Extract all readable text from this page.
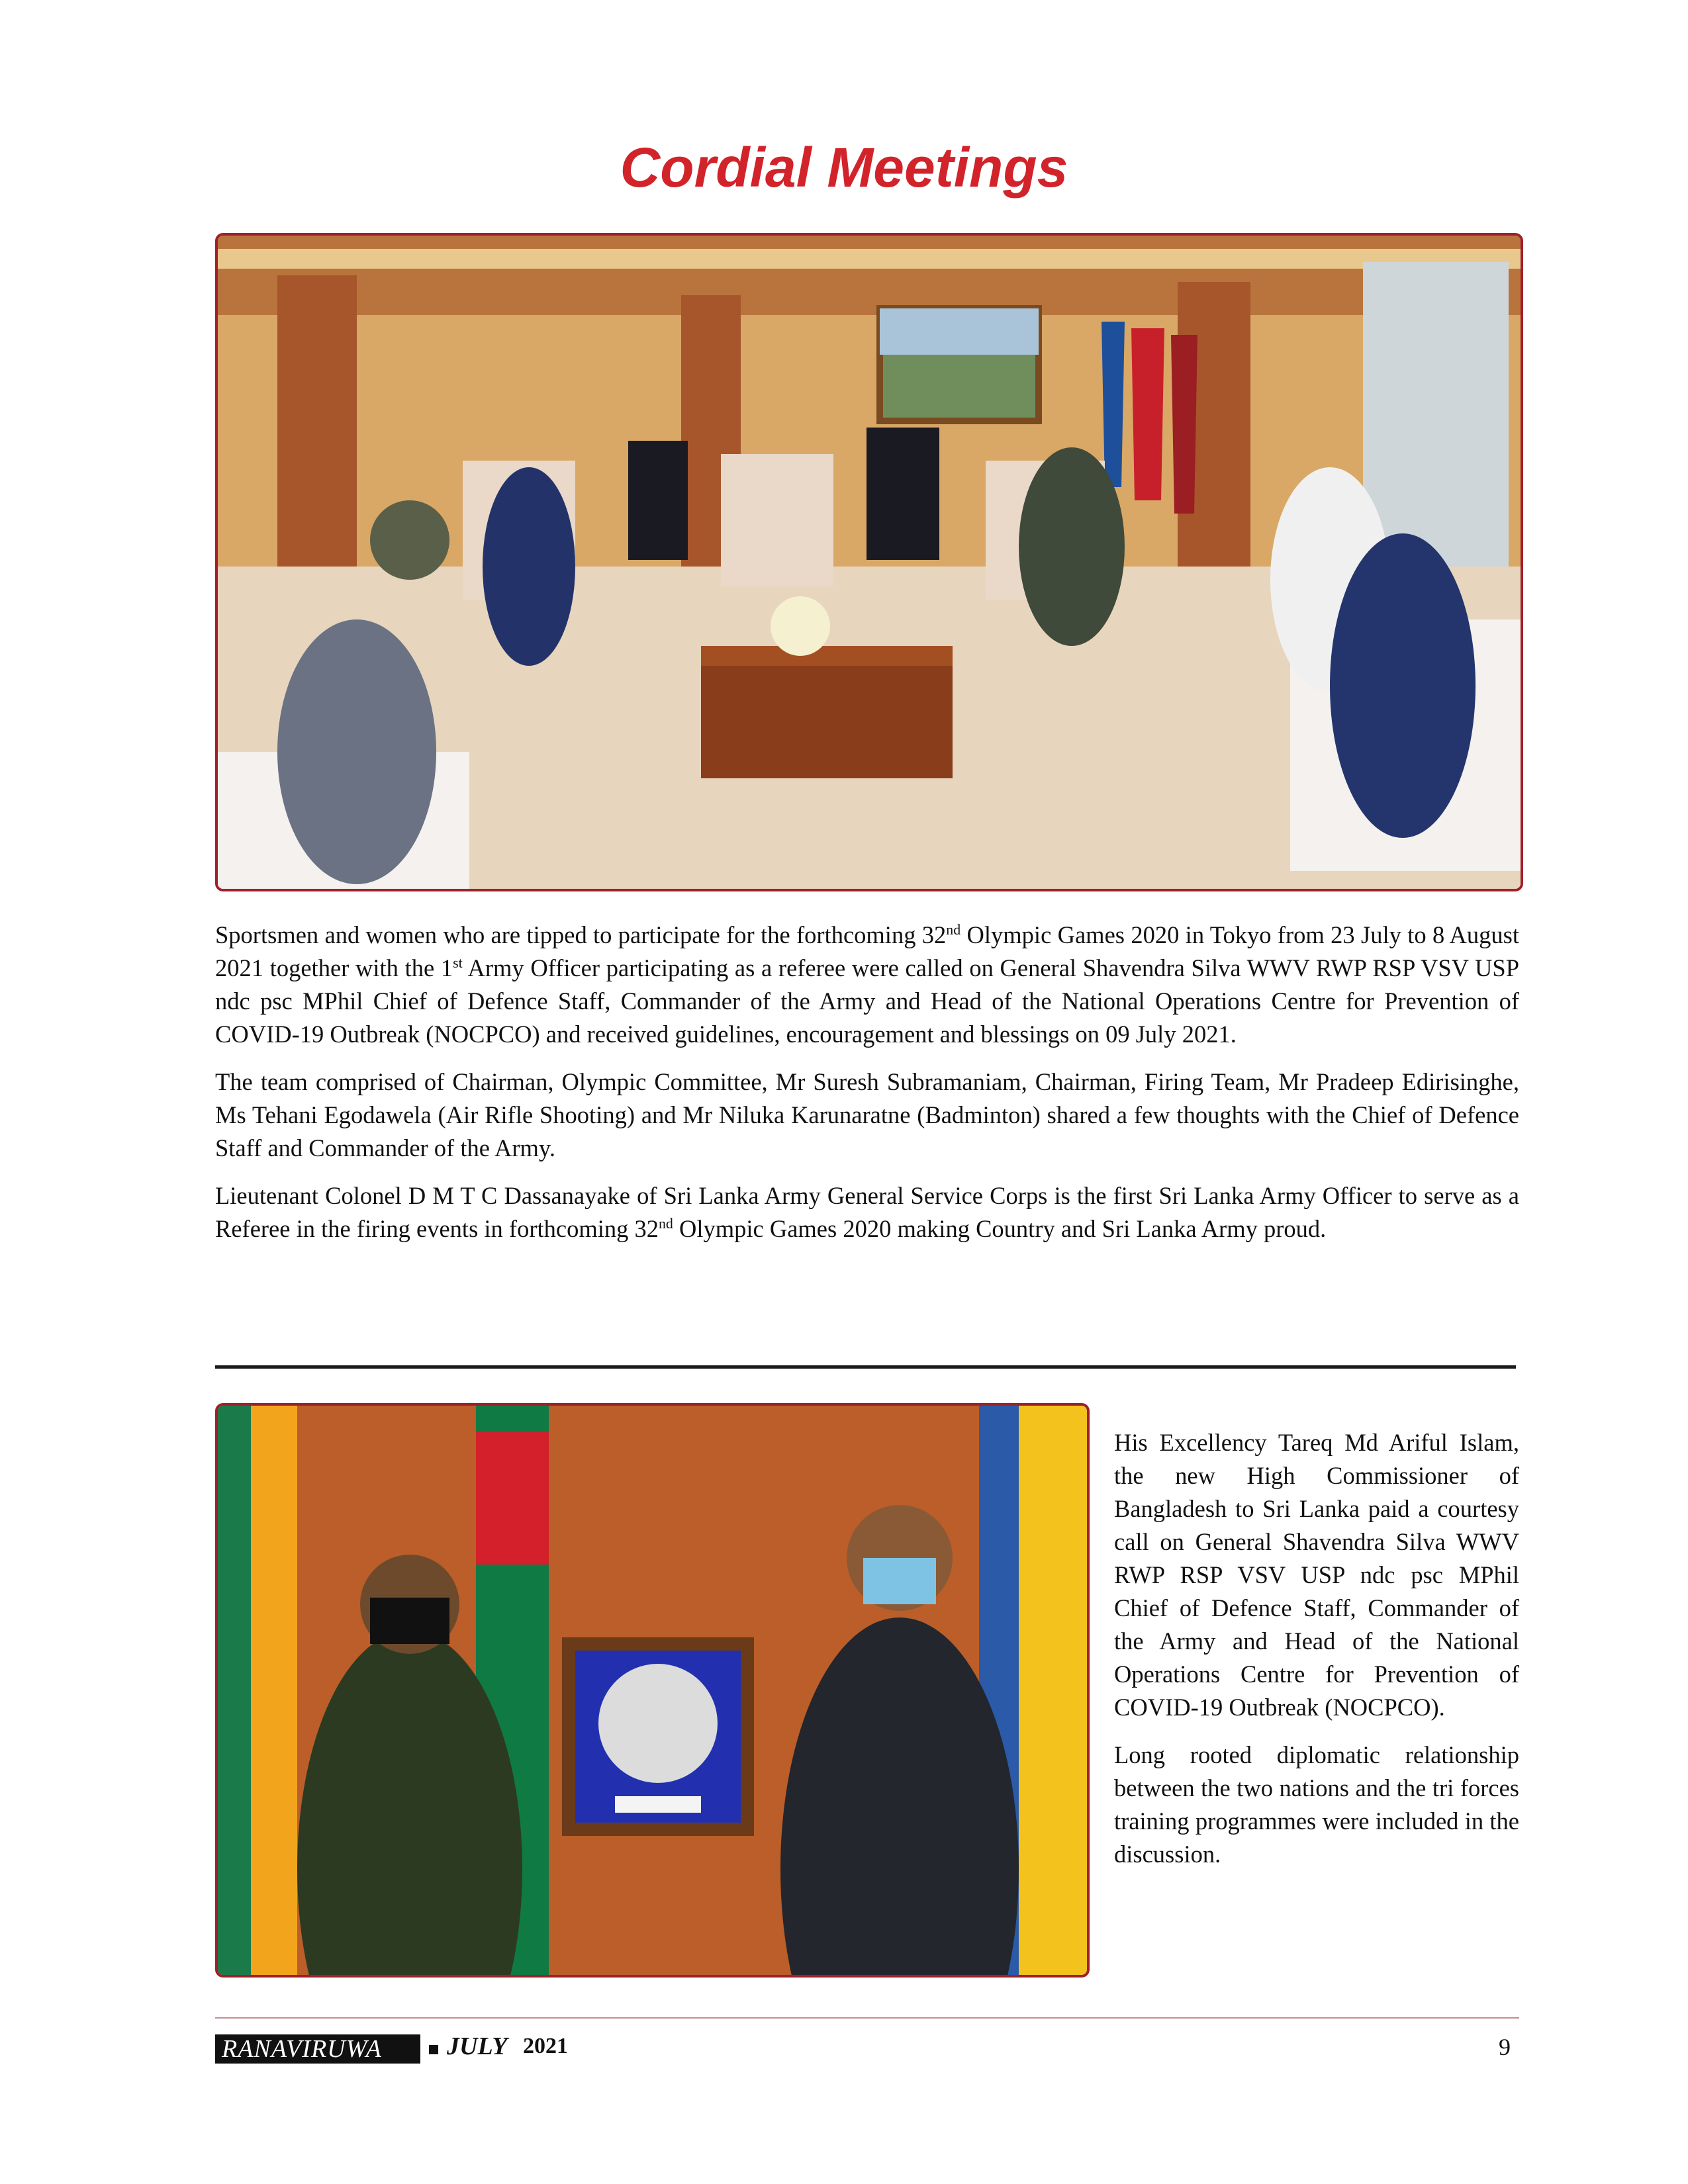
Cordial Meetings

Sportsmen and women who are tipped to participate for the forthcoming 32nd Olympic Games 2020 in Tokyo from 23 July to 8 August 2021 together with the 1st Army Officer participating as a referee were called on General Shavendra Silva WWV RWP RSP VSV USP ndc psc MPhil Chief of Defence Staff, Commander of the Army and Head of the National Operations Centre for Prevention of COVID-19 Outbreak (NOCPCO) and received guidelines, encouragement and blessings on 09 July 2021.

The team comprised of Chairman, Olympic Committee, Mr Suresh Subramaniam, Chairman, Firing Team, Mr Pradeep Edirisinghe, Ms Tehani Egodawela (Air Rifle Shooting) and Mr Niluka Karunaratne (Badminton) shared a few thoughts with the Chief of Defence Staff and Commander of the Army.

Lieutenant Colonel D M T C Dassanayake of Sri Lanka Army General Service Corps is the first Sri Lanka Army Officer to serve as a Referee in the firing events in forthcoming 32nd Olympic Games 2020 making Country and Sri Lanka Army proud.

His Excellency Tareq Md Ariful Islam, the new High Commissioner of Bangladesh to Sri Lanka paid a courtesy call on General Shavendra Silva WWV RWP RSP VSV USP ndc psc MPhil Chief of Defence Staff, Commander of the Army and Head of the National Operations Centre for Prevention of COVID-19 Outbreak (NOCPCO).

Long rooted diplomatic relationship between the two nations and the tri forces training programmes were included in the discussion.

RANAVIRUWA	JULY 2021	9
